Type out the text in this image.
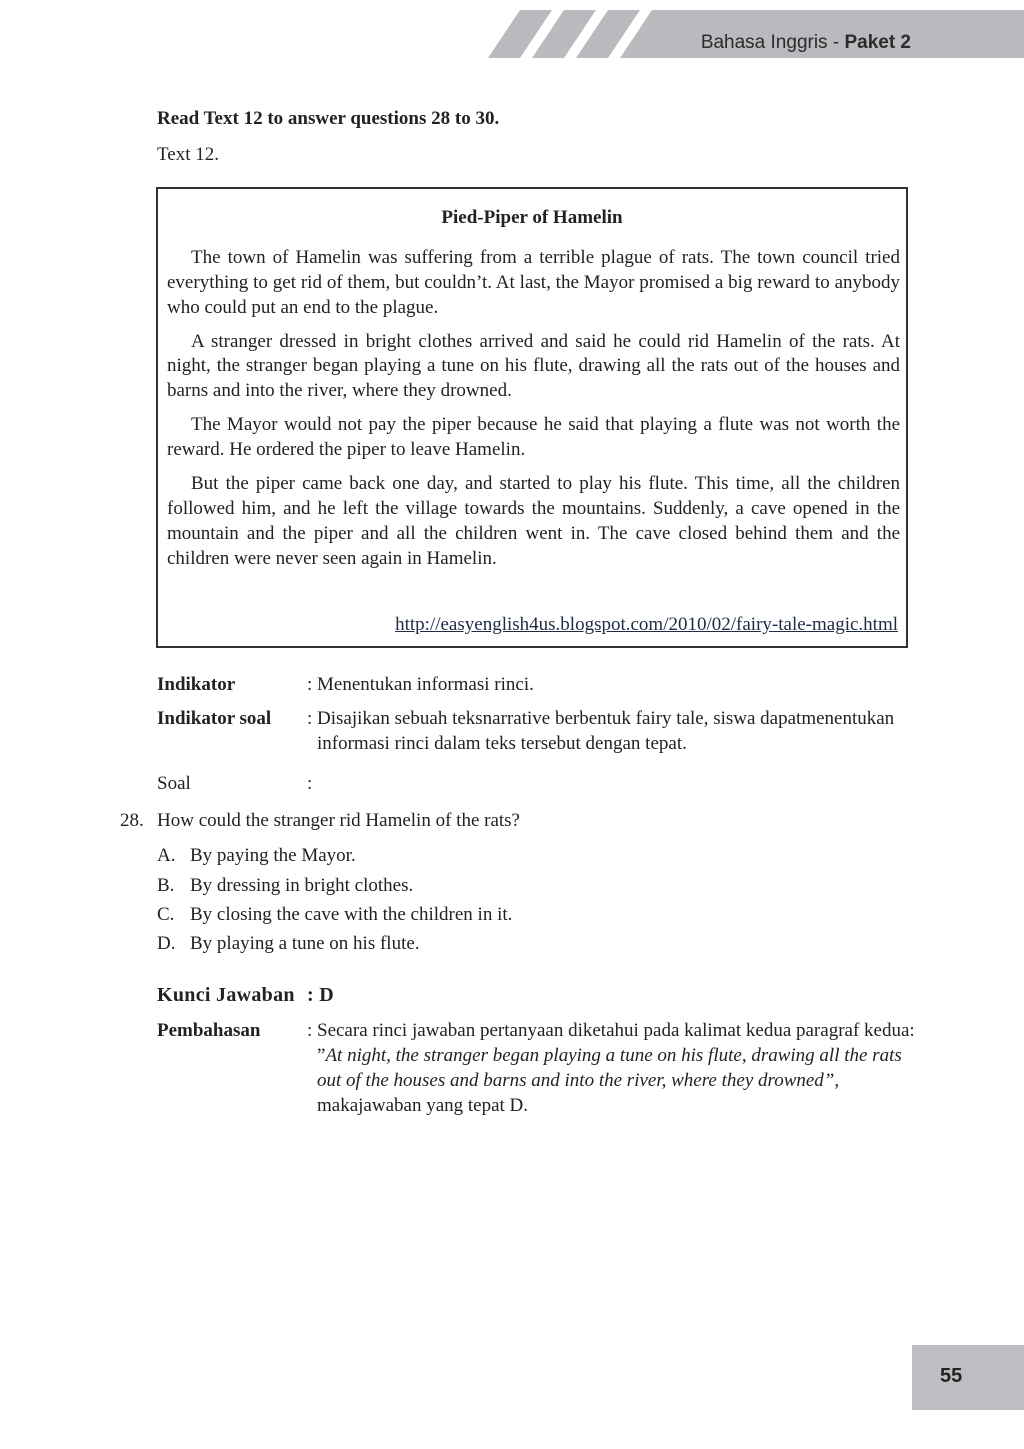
Bahasa Inggris - Paket 2
Read Text 12 to answer questions 28 to 30.
Text 12.
Pied-Piper of Hamelin

The town of Hamelin was suffering from a terrible plague of rats. The town council tried everything to get rid of them, but couldn’t. At last, the Mayor promised a big reward to anybody who could put an end to the plague.

A stranger dressed in bright clothes arrived and said he could rid Hamelin of the rats. At night, the stranger began playing a tune on his flute, drawing all the rats out of the houses and barns and into the river, where they drowned.

The Mayor would not pay the piper because he said that playing a flute was not worth the reward. He ordered the piper to leave Hamelin.

But the piper came back one day, and started to play his flute. This time, all the children followed him, and he left the village towards the mountains. Suddenly, a cave opened in the mountain and the piper and all the children went in. The cave closed behind them and the children were never seen again in Hamelin.

http://easyenglish4us.blogspot.com/2010/02/fairy-tale-magic.html
Indikator	: Menentukan informasi rinci.
Indikator soal : Disajikan sebuah teksnarrative berbentuk fairy tale, siswa dapatmenentukan informasi rinci dalam teks tersebut dengan tepat.
Soal	:
28. How could the stranger rid Hamelin of the rats?
A. By paying the Mayor.
B. By dressing in bright clothes.
C. By closing the cave with the children in it.
D. By playing a tune on his flute.
Kunci Jawaban : D
Pembahasan : Secara rinci jawaban pertanyaan diketahui pada kalimat kedua paragraf kedua: ”At night, the stranger began playing a tune on his flute, drawing all the rats out of the houses and barns and into the river, where they drowned”, makajawaban yang tepat D.
55
